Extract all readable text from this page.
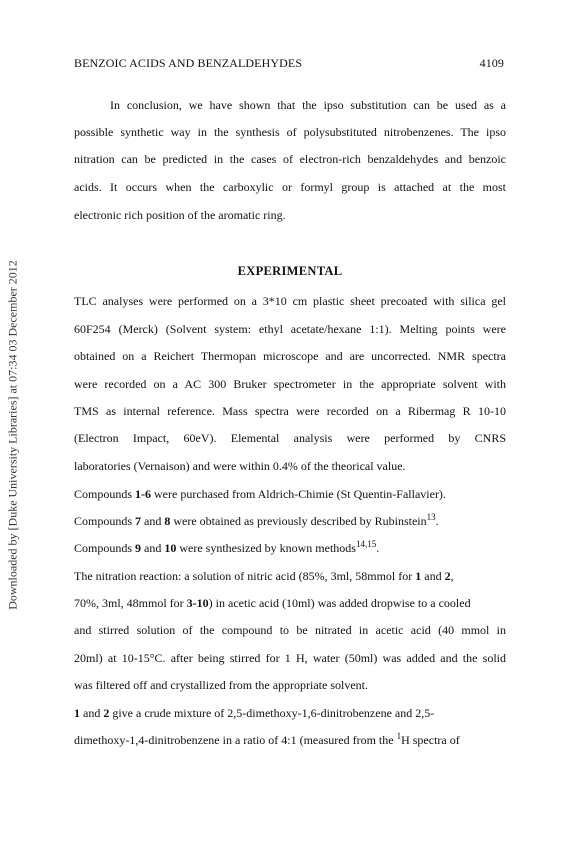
BENZOIC ACIDS AND BENZALDEHYDES	4109
Downloaded by [Duke University Libraries] at 07:34 03 December 2012
In conclusion, we have shown that the ipso substitution can be used as a
possible synthetic way in the synthesis of polysubstituted nitrobenzenes. The ipso
nitration can be predicted in the cases of electron-rich benzaldehydes and benzoic
acids. It occurs when the carboxylic or formyl group is attached at the most
electronic rich position of the aromatic ring.
EXPERIMENTAL
TLC analyses were performed on a 3*10 cm plastic sheet precoated with silica gel
60F254 (Merck) (Solvent system: ethyl acetate/hexane 1:1). Melting points were
obtained on a Reichert Thermopan microscope and are uncorrected. NMR spectra
were recorded on a AC 300 Bruker spectrometer in the appropriate solvent with
TMS as internal reference. Mass spectra were recorded on a Ribermag R 10-10
(Electron Impact, 60eV). Elemental analysis were performed by CNRS
laboratories (Vernaison) and were within 0.4% of the theorical value.
Compounds 1-6 were purchased from Aldrich-Chimie (St Quentin-Fallavier).
Compounds 7 and 8 were obtained as previously described by Rubinstein$^{13}$.
Compounds 9 and 10 were synthesized by known methods$^{14,15}$.
The nitration reaction: a solution of nitric acid (85%, 3ml, 58mmol for 1 and 2,
70%, 3ml, 48mmol for 3-10) in acetic acid (10ml) was added dropwise to a cooled
and stirred solution of the compound to be nitrated in acetic acid (40 mmol in
20ml) at 10-15°C. after being stirred for 1 H, water (50ml) was added and the solid
was filtered off and crystallized from the appropriate solvent.
1 and 2 give a crude mixture of 2,5-dimethoxy-1,6-dinitrobenzene and 2,5-
dimethoxy-1,4-dinitrobenzene in a ratio of 4:1 (measured from the $^1$H spectra of
